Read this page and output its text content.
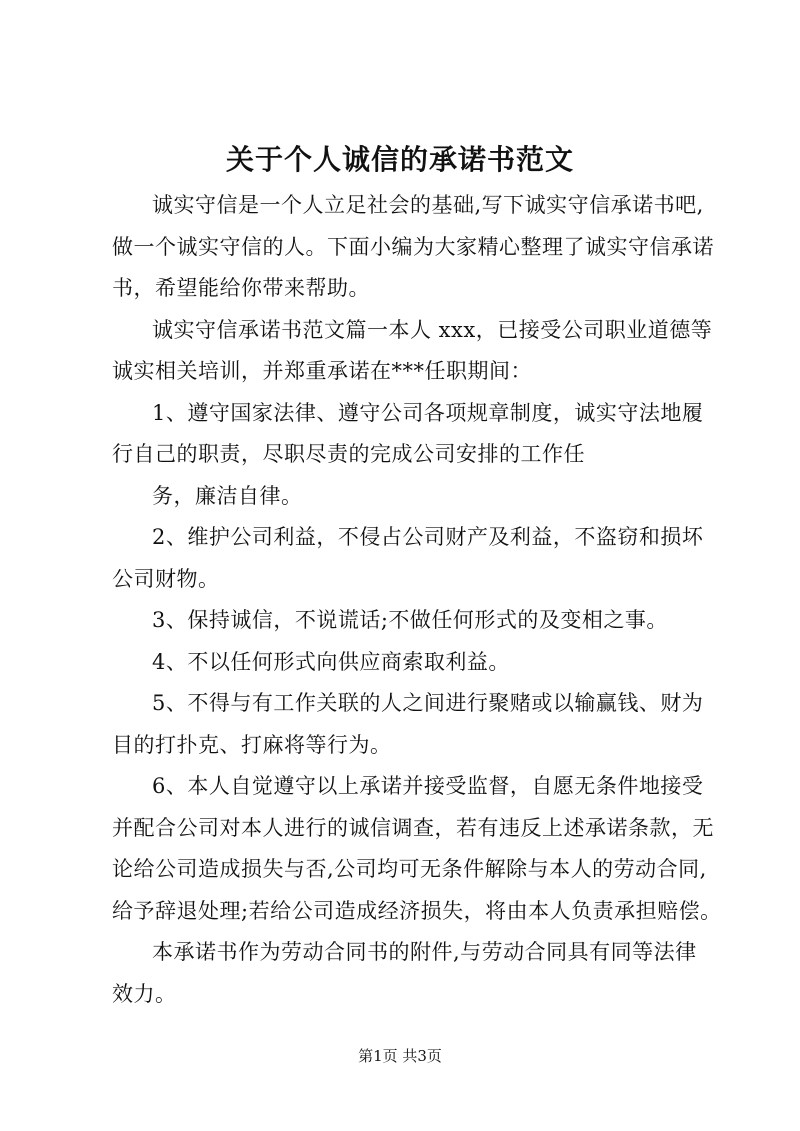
关于个人诚信的承诺书范文
诚实守信是一个人立足社会的基础,写下诚实守信承诺书吧,
做一个诚实守信的人。下面小编为大家精心整理了诚实守信承诺
书，希望能给你带来帮助。
诚实守信承诺书范文篇一本人 xxx，已接受公司职业道德等
诚实相关培训，并郑重承诺在***任职期间：
1、遵守国家法律、遵守公司各项规章制度，诚实守法地履
行自己的职责，尽职尽责的完成公司安排的工作任
务，廉洁自律。
2、维护公司利益，不侵占公司财产及利益，不盗窃和损坏
公司财物。
3、保持诚信，不说谎话;不做任何形式的及变相之事。
4、不以任何形式向供应商索取利益。
5、不得与有工作关联的人之间进行聚赌或以输赢钱、财为
目的打扑克、打麻将等行为。
6、本人自觉遵守以上承诺并接受监督，自愿无条件地接受
并配合公司对本人进行的诚信调查，若有违反上述承诺条款，无
论给公司造成损失与否,公司均可无条件解除与本人的劳动合同,
给予辞退处理;若给公司造成经济损失，将由本人负责承担赔偿。
本承诺书作为劳动合同书的附件,与劳动合同具有同等法律
效力。
第1页 共3页
